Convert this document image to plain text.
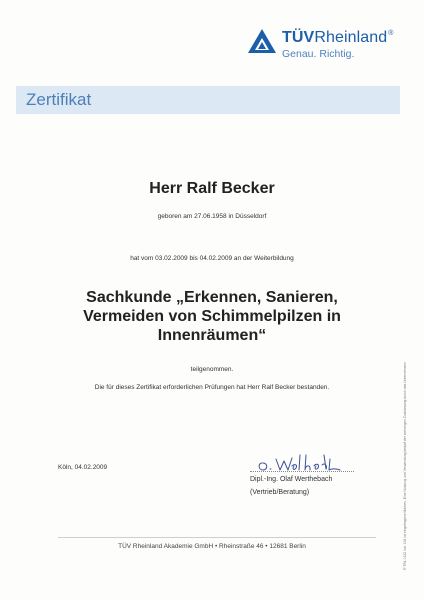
TÜVRheinland®
Genau. Richtig.
Zertifikat
Herr Ralf Becker
geboren am 27.06.1958 in Düsseldorf
hat vom 03.02.2009 bis 04.02.2009 an der Weiterbildung
Sachkunde „Erkennen, Sanieren,
Vermeiden von Schimmelpilzen in
Innenräumen“
teilgenommen.
Die für dieses Zertifikat erforderlichen Prüfungen hat Herr Ralf Becker bestanden.
Köln, 04.02.2009
Dipl.-Ing. Olaf Werthebach
(Vertrieb/Beratung)
TÜV Rheinland Akademie GmbH • Rheinstraße 46 • 12681 Berlin	® TRL 0122 ind. 108 nd eingetragene Marken. Eine Nutzung und Verwendung bedarf der vorherigen Zustimmung durch das Unternehmen
